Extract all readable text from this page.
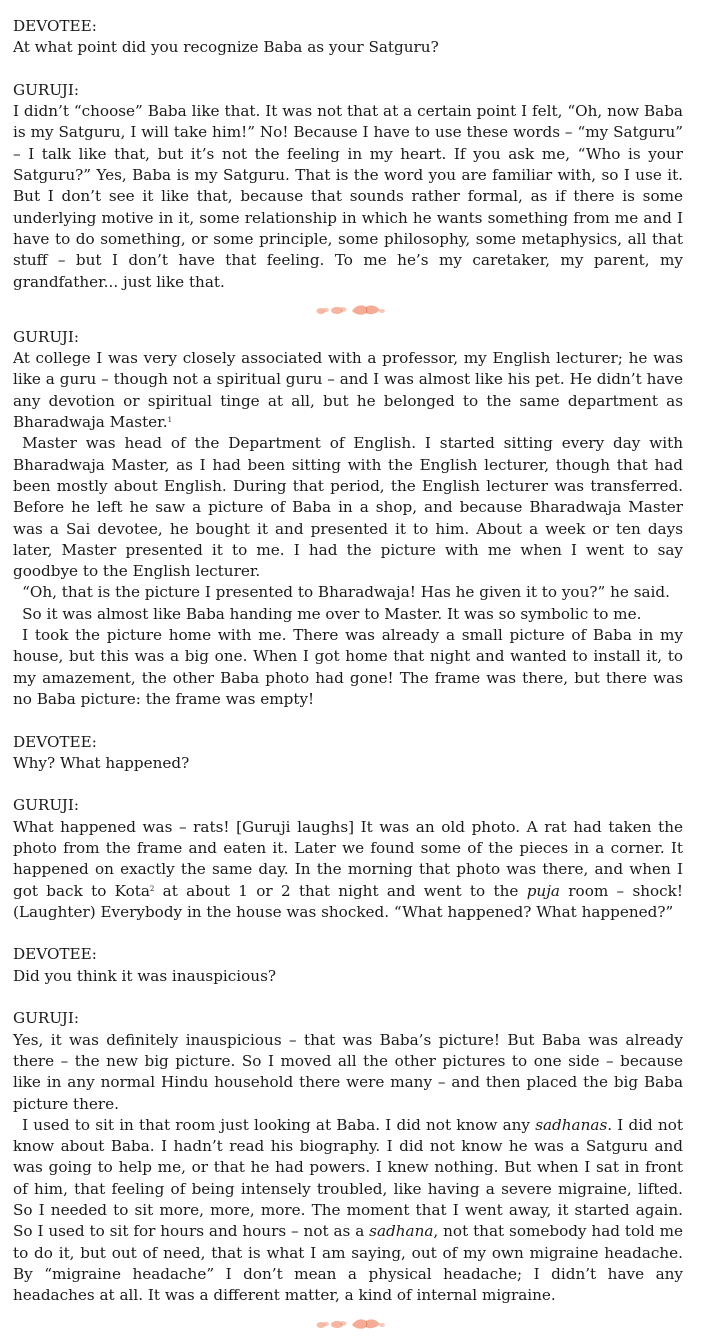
DEVOTEE:

At what point did you recognize Baba as your Satguru?

GURUJI:

I didn’t “choose” Baba like that. It was not that at a certain point I felt, “Oh, now Baba is my Satguru, I will take him!” No! Because I have to use these words – “my Satguru” – I talk like that, but it’s not the feeling in my heart. If you ask me, “Who is your Satguru?” Yes, Baba is my Satguru. That is the word you are familiar with, so I use it. But I don’t see it like that, because that sounds rather formal, as if there is some underlying motive in it, some relationship in which he wants something from me and I have to do something, or some principle, some philosophy, some metaphysics, all that stuff – but I don’t have that feeling. To me he’s my caretaker, my parent, my grandfather... just like that.

GURUJI:

At college I was very closely associated with a professor, my English lecturer; he was like a guru – though not a spiritual guru – and I was almost like his pet. He didn’t have any devotion or spiritual tinge at all, but he belonged to the same department as Bharadwaja Master.$^1$

Master was head of the Department of English. I started sitting every day with Bharadwaja Master, as I had been sitting with the English lecturer, though that had been mostly about English. During that period, the English lecturer was transferred. Before he left he saw a picture of Baba in a shop, and because Bharadwaja Master was a Sai devotee, he bought it and presented it to him. About a week or ten days later, Master presented it to me. I had the picture with me when I went to say goodbye to the English lecturer.

“Oh, that is the picture I presented to Bharadwaja! Has he given it to you?” he said.

So it was almost like Baba handing me over to Master. It was so symbolic to me.

I took the picture home with me. There was already a small picture of Baba in my house, but this was a big one. When I got home that night and wanted to install it, to my amazement, the other Baba photo had gone! The frame was there, but there was no Baba picture: the frame was empty!

DEVOTEE:

Why? What happened?

GURUJI:

What happened was – rats! [Guruji laughs] It was an old photo. A rat had taken the photo from the frame and eaten it. Later we found some of the pieces in a corner. It happened on exactly the same day. In the morning that photo was there, and when I got back to Kota$^2$ at about 1 or 2 that night and went to the puja room – shock! (Laughter) Everybody in the house was shocked. “What happened? What happened?”

DEVOTEE:

Did you think it was inauspicious?

GURUJI:

Yes, it was definitely inauspicious – that was Baba’s picture! But Baba was already there – the new big picture. So I moved all the other pictures to one side – because like in any normal Hindu household there were many – and then placed the big Baba picture there.

I used to sit in that room just looking at Baba. I did not know any sadhanas. I did not know about Baba. I hadn’t read his biography. I did not know he was a Satguru and was going to help me, or that he had powers. I knew nothing. But when I sat in front of him, that feeling of being intensely troubled, like having a severe migraine, lifted. So I needed to sit more, more, more. The moment that I went away, it started again. So I used to sit for hours and hours – not as a sadhana, not that somebody had told me to do it, but out of need, that is what I am saying, out of my own migraine headache. By “migraine headache” I don’t mean a physical headache; I didn’t have any headaches at all. It was a different matter, a kind of internal migraine.
